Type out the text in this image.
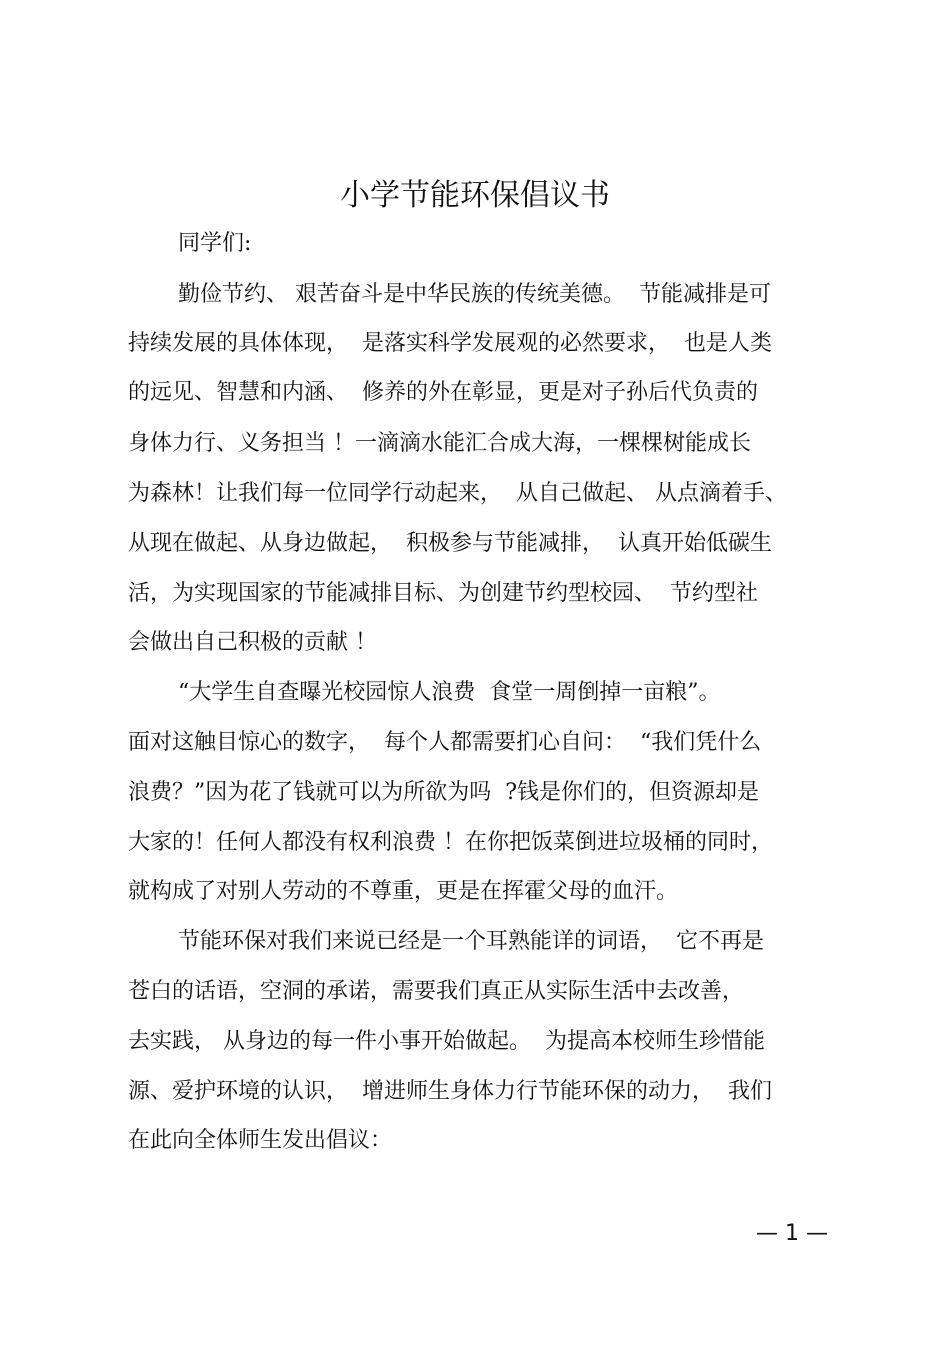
小学节能环保倡议书
同学们:
勤俭节约、 艰苦奋斗是中华民族的传统美德。  节能减排是可
持续发展的具体体现，  是落实科学发展观的必然要求，  也是人类
的远见、智慧和内涵、  修养的外在彰显，更是对子孙后代负责的
身体力行、义务担当 ！一滴滴水能汇合成大海，一棵棵树能成长
为森林！让我们每一位同学行动起来，  从自己做起、 从点滴着手、
从现在做起、从身边做起，  积极参与节能减排，  认真开始低碳生
活，为实现国家的节能减排目标、为创建节约型校园、  节约型社
会做出自己积极的贡献 ！
“大学生自查曝光校园惊人浪费  食堂一周倒掉一亩粮”。
面对这触目惊心的数字，  每个人都需要扪心自问：  “我们凭什么
浪费？”因为花了钱就可以为所欲为吗  ?钱是你们的，但资源却是
大家的！任何人都没有权利浪费 ！在你把饭菜倒进垃圾桶的同时，
就构成了对别人劳动的不尊重，更是在挥霍父母的血汗。
节能环保对我们来说已经是一个耳熟能详的词语，  它不再是
苍白的话语，空洞的承诺，需要我们真正从实际生活中去改善，
去实践， 从身边的每一件小事开始做起。  为提高本校师生珍惜能
源、爱护环境的认识，  增进师生身体力行节能环保的动力，  我们
在此向全体师生发出倡议：
— 1 —
